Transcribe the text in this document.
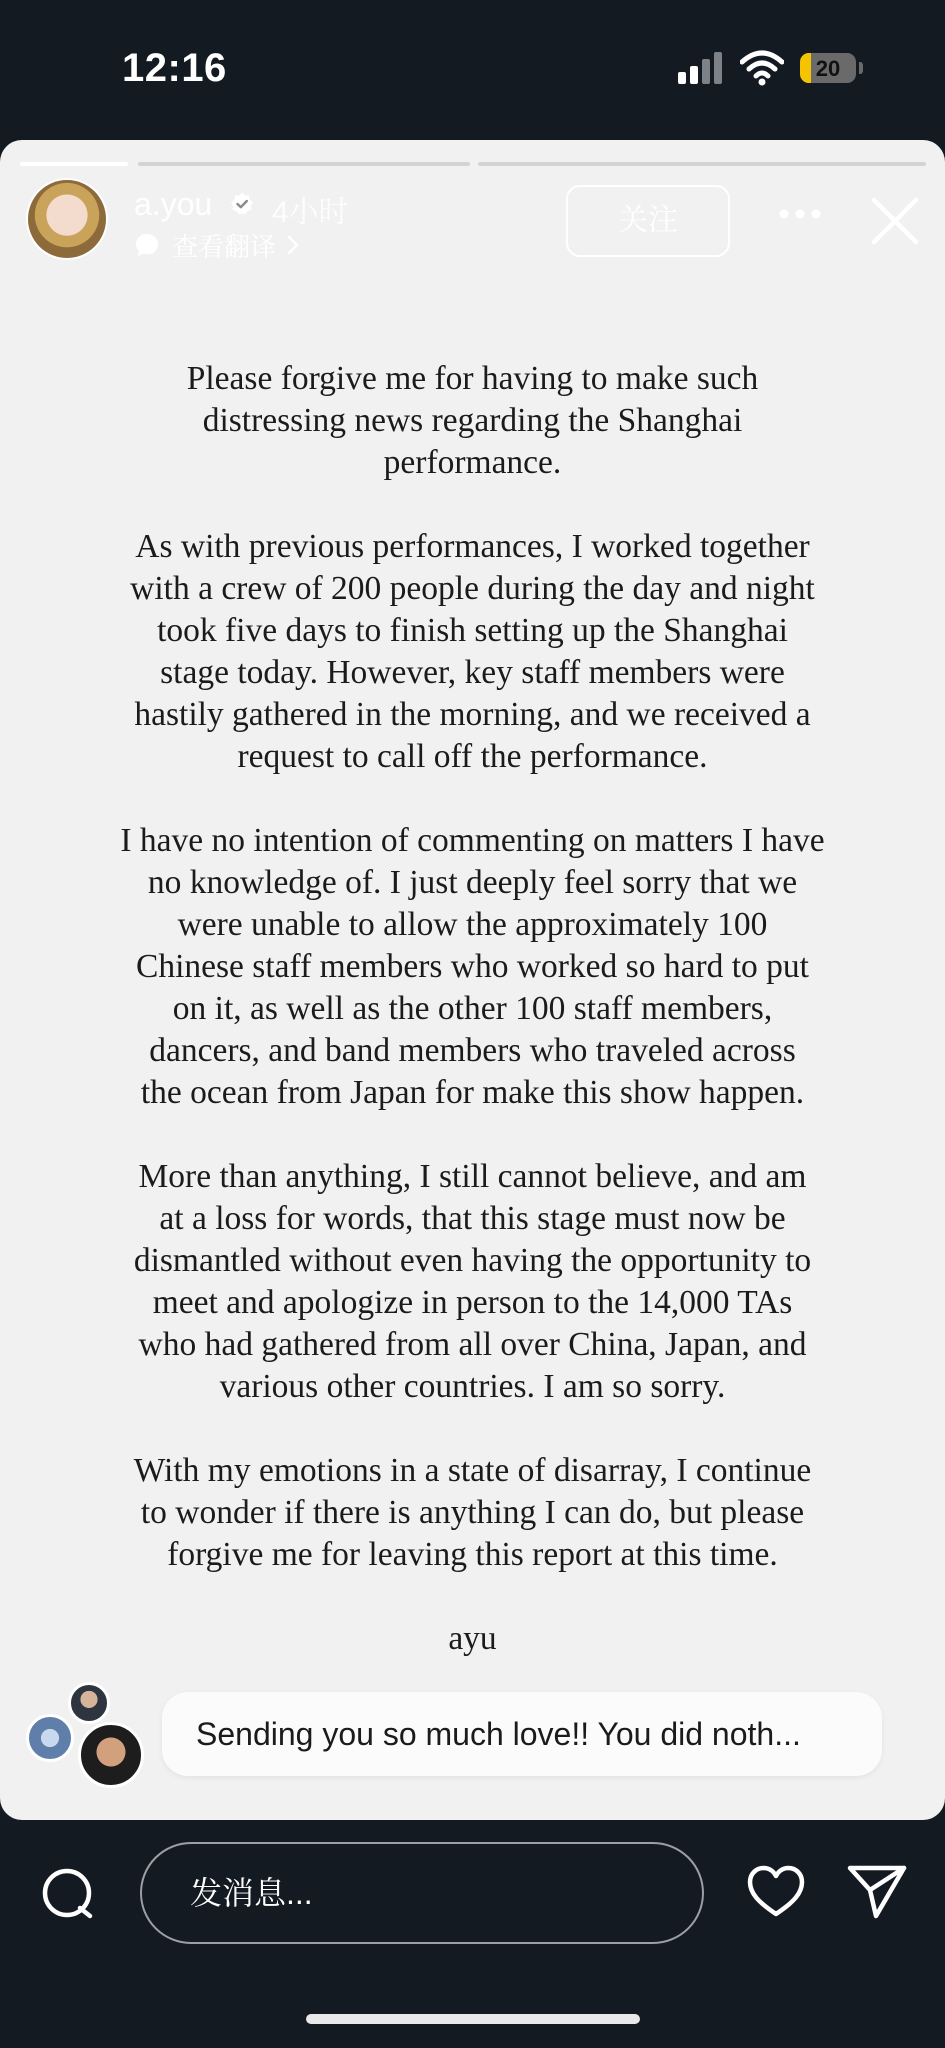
12:16	20
a.you 4小时
查看翻译
关注

Please forgive me for having to make such
distressing news regarding the Shanghai
performance.

As with previous performances, I worked together
with a crew of 200 people during the day and night
took five days to finish setting up the Shanghai
stage today. However, key staff members were
hastily gathered in the morning, and we received a
request to call off the performance.

I have no intention of commenting on matters I have
no knowledge of. I just deeply feel sorry that we
were unable to allow the approximately 100
Chinese staff members who worked so hard to put
on it, as well as the other 100 staff members,
dancers, and band members who traveled across
the ocean from Japan for make this show happen.

More than anything, I still cannot believe, and am
at a loss for words, that this stage must now be
dismantled without even having the opportunity to
meet and apologize in person to the 14,000 TAs
who had gathered from all over China, Japan, and
various other countries. I am so sorry.

With my emotions in a state of disarray, I continue
to wonder if there is anything I can do, but please
forgive me for leaving this report at this time.

ayu

Sending you so much love!! You did noth...
发消息...
